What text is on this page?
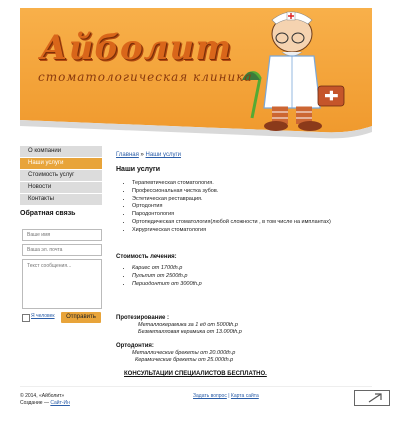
Айболит
стоматологическая клиника
О компании
Наши услуги
Стоимость услуг
Новости
Контакты
Обратная связь
Ваше имя
Ваша эл. почта
Текст сообщения...
Я человек	Отправить
Главная » Наши услуги
Наши услуги
• Терапевтическая стоматология.
• Профессиональная чистка зубов.
• Эстетическая реставрация.
• Ортодонтия
• Пародонтология
• Ортопедическая стоматология(любой сложности , в том числе на имплантах)
• Хирургическая стоматология
Стоимость лечения:
• Кариес от 1700th.p
• Пульпит от 2500th.p
• Периодонтит от 3000th.p
Протезирование :
Металлокерамика за 1 ед от 5000th.p
Безметалловая керамика от 13.000th.p
Ортодонтия:
Металлические брекеты от 20.000th.p
Керамические брекеты от 25.000th.p
КОНСУЛЬТАЦИИ СПЕЦИАЛИСТОВ БЕСПЛАТНО.
© 2014, «Айболит»
Создание — Сайт-Ин
Задать вопрос | Карта сайта
